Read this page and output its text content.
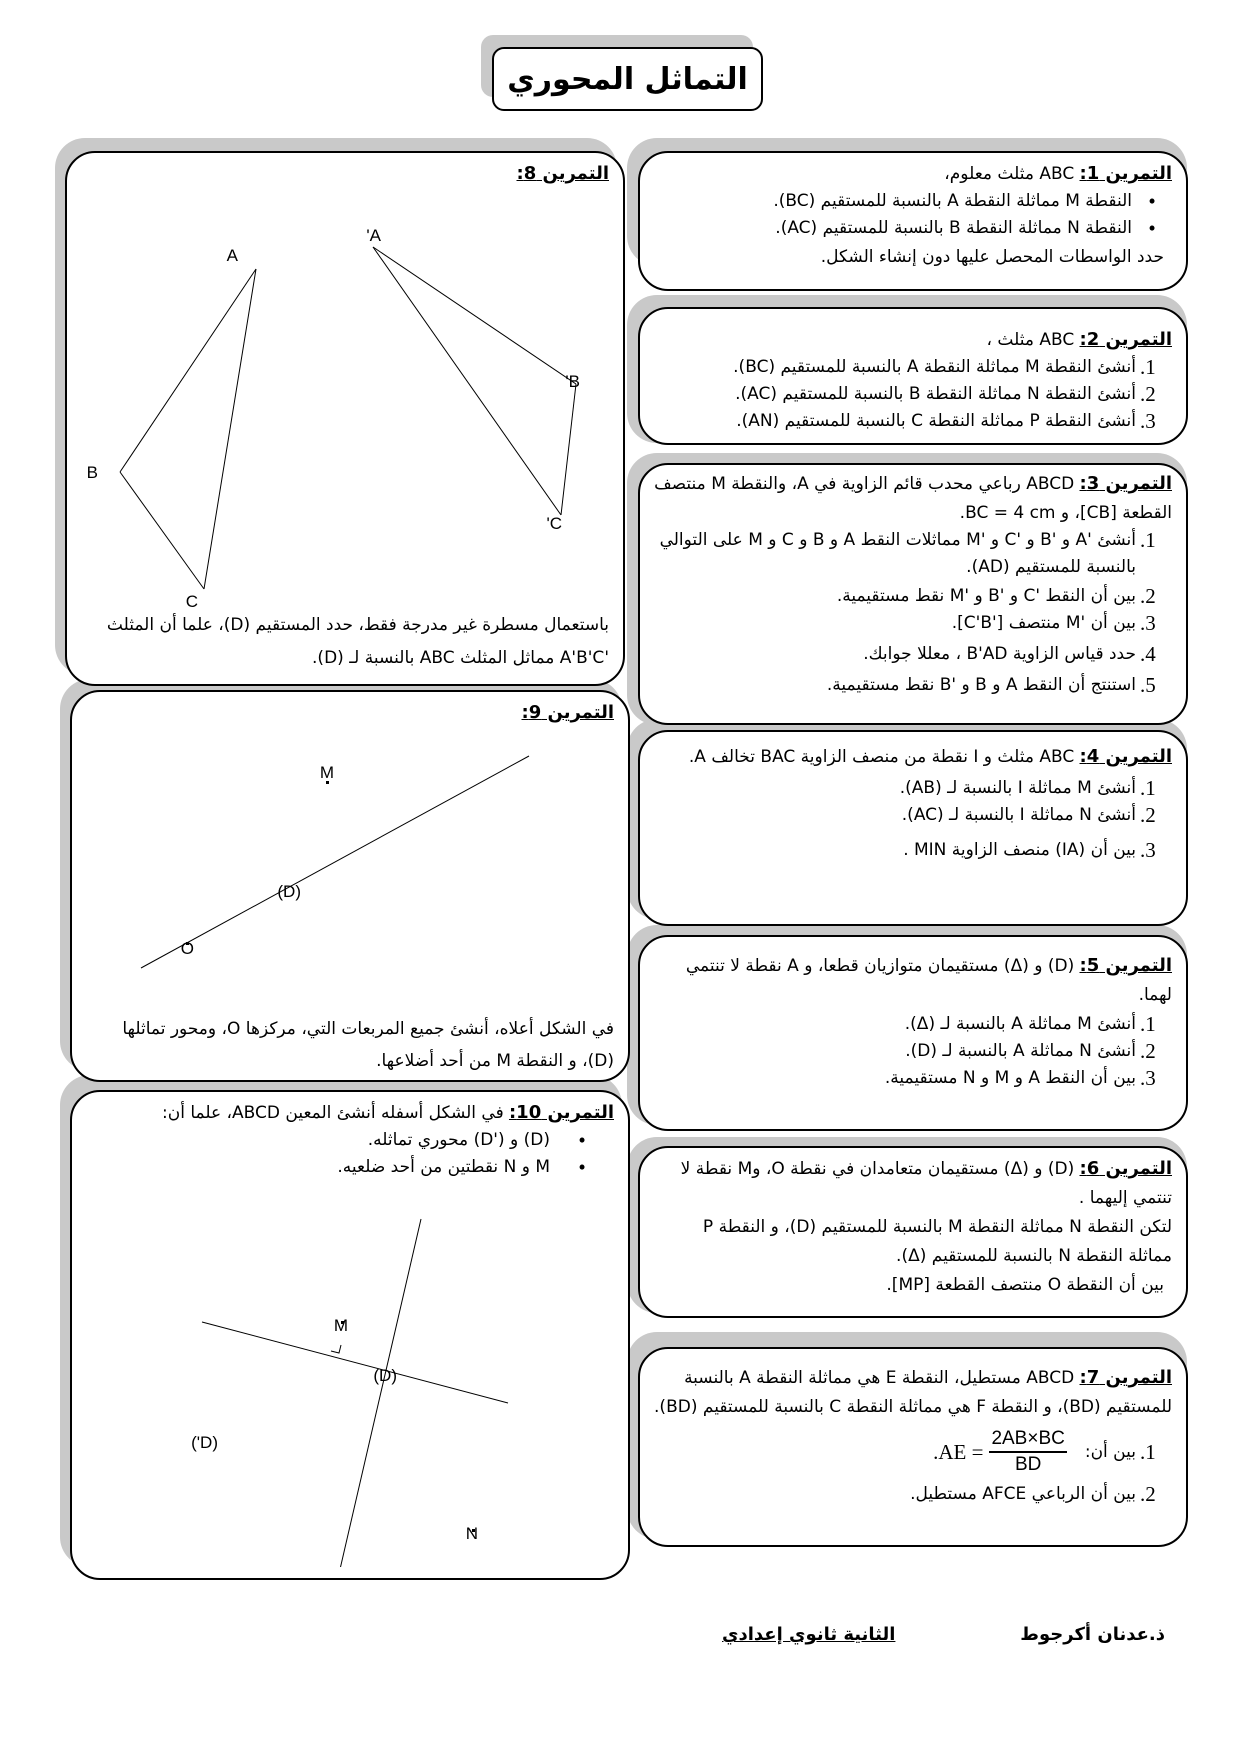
التماثل المحوري
التمرين 1: ABC مثلث معلوم،
•
النقطة M مماثلة النقطة A بالنسبة للمستقيم (BC).
•
النقطة N مماثلة النقطة B بالنسبة للمستقيم (AC).
حدد الواسطات المحصل عليها دون إنشاء الشكل.
التمرين 2: ABC مثلث ،
1.
أنشئ النقطة M مماثلة النقطة A بالنسبة للمستقيم (BC).
2.
أنشئ النقطة N مماثلة النقطة B بالنسبة للمستقيم (AC).
3.
أنشئ النقطة P مماثلة النقطة C بالنسبة للمستقيم (AN).
التمرين 3: ABCD رباعي محدب قائم الزاوية في A، والنقطة M منتصف القطعة [CB]، و BC = 4 cm.
1.
أنشئ 'A و 'B و 'C و 'M مماثلات النقط A و B و C و M على التوالي بالنسبة للمستقيم (AD).
2.
بين أن النقط 'C و 'B و 'M نقط مستقيمية.
3.
بين أن 'M منتصف ['C'B].
4.
حدد قياس الزاوية B'AD ، معللا جوابك.
5.
استنتج أن النقط A و B و 'B نقط مستقيمية.
التمرين 4: ABC مثلث و I نقطة من منصف الزاوية BAC تخالف A.
1.
أنشئ M مماثلة I بالنسبة لـ (AB).
2.
أنشئ N مماثلة I بالنسبة لـ (AC).
3.
بين أن (IA) منصف الزاوية MIN .
التمرين 5: (D) و (Δ) مستقيمان متوازيان قطعا، و A نقطة لا تنتمي لهما.
1.
أنشئ M مماثلة A بالنسبة لـ (Δ).
2.
أنشئ N مماثلة A بالنسبة لـ (D).
3.
بين أن النقط A و M و N مستقيمية.
التمرين 6: (D) و (Δ) مستقيمان متعامدان في نقطة O، وM نقطة لا تنتمي إليهما .
لتكن النقطة N مماثلة النقطة M بالنسبة للمستقيم (D)، و النقطة P مماثلة النقطة N بالنسبة للمستقيم (Δ).
بين أن النقطة O منتصف القطعة [MP].
التمرين 7: ABCD مستطيل، النقطة E هي مماثلة النقطة A بالنسبة للمستقيم (BD)، و النقطة F هي مماثلة النقطة C بالنسبة للمستقيم (BD).
1.
بين أن:
$.AE = \frac{2AB\times BC}{BD}$
2.
بين أن الرباعي AFCE مستطيل.
التمرين 8:
A
B
C
A'
B'
C'
باستعمال مسطرة غير مدرجة فقط، حدد المستقيم (D)، علما أن المثلث 'A'B'C مماثل المثلث ABC بالنسبة لـ (D).
التمرين 9:
M
(D)
O
في الشكل أعلاه، أنشئ جميع المربعات التي، مركزها O، ومحور تماثلها (D)، و النقطة M من أحد أضلاعها.
التمرين 10: في الشكل أسفله أنشئ المعين ABCD، علما أن:
•
(D) و ('D) محوري تماثله.
•
M و N نقطتين من أحد ضلعيه.
M
(D)
(D')
N
ذ.عدنان أكرجوط
الثانية ثانوي إعدادي
